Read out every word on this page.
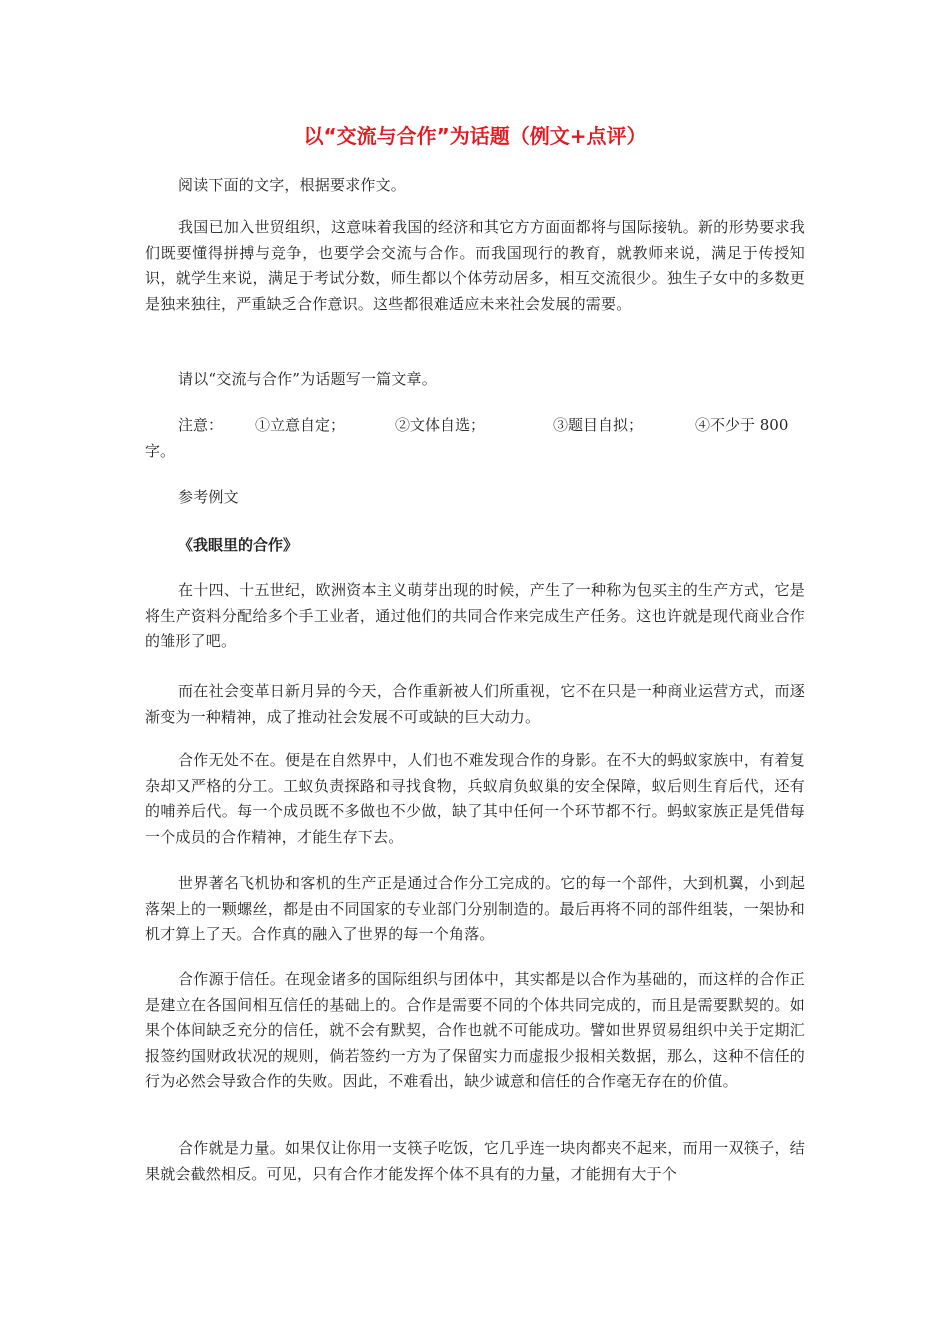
以“交流与合作”为话题（例文+点评）
阅读下面的文字，根据要求作文。
我国已加入世贸组织，这意味着我国的经济和其它方方面面都将与国际接轨。新的形势要求我们既要懂得拼搏与竞争，也要学会交流与合作。而我国现行的教育，就教师来说，满足于传授知识，就学生来说，满足于考试分数，师生都以个体劳动居多，相互交流很少。独生子女中的多数更是独来独往，严重缺乏合作意识。这些都很难适应未来社会发展的需要。
请以“交流与合作”为话题写一篇文章。
注意： ①立意自定；	②文体自选；	③题目自拟；	④不少于 800
字。
参考例文
《我眼里的合作》
在十四、十五世纪，欧洲资本主义萌芽出现的时候，产生了一种称为包买主的生产方式，它是将生产资料分配给多个手工业者，通过他们的共同合作来完成生产任务。这也许就是现代商业合作的雏形了吧。
而在社会变革日新月异的今天，合作重新被人们所重视，它不在只是一种商业运营方式，而逐渐变为一种精神，成了推动社会发展不可或缺的巨大动力。
合作无处不在。便是在自然界中，人们也不难发现合作的身影。在不大的蚂蚁家族中，有着复杂却又严格的分工。工蚁负责探路和寻找食物，兵蚁肩负蚁巢的安全保障，蚁后则生育后代，还有的哺养后代。每一个成员既不多做也不少做，缺了其中任何一个环节都不行。蚂蚁家族正是凭借每一个成员的合作精神，才能生存下去。
世界著名飞机协和客机的生产正是通过合作分工完成的。它的每一个部件，大到机翼，小到起落架上的一颗螺丝，都是由不同国家的专业部门分别制造的。最后再将不同的部件组装，一架协和机才算上了天。合作真的融入了世界的每一个角落。
合作源于信任。在现金诸多的国际组织与团体中，其实都是以合作为基础的，而这样的合作正是建立在各国间相互信任的基础上的。合作是需要不同的个体共同完成的，而且是需要默契的。如果个体间缺乏充分的信任，就不会有默契，合作也就不可能成功。譬如世界贸易组织中关于定期汇报签约国财政状况的规则，倘若签约一方为了保留实力而虚报少报相关数据，那么，这种不信任的行为必然会导致合作的失败。因此，不难看出，缺少诚意和信任的合作毫无存在的价值。
合作就是力量。如果仅让你用一支筷子吃饭，它几乎连一块肉都夹不起来，而用一双筷子，结果就会截然相反。可见，只有合作才能发挥个体不具有的力量，才能拥有大于个
